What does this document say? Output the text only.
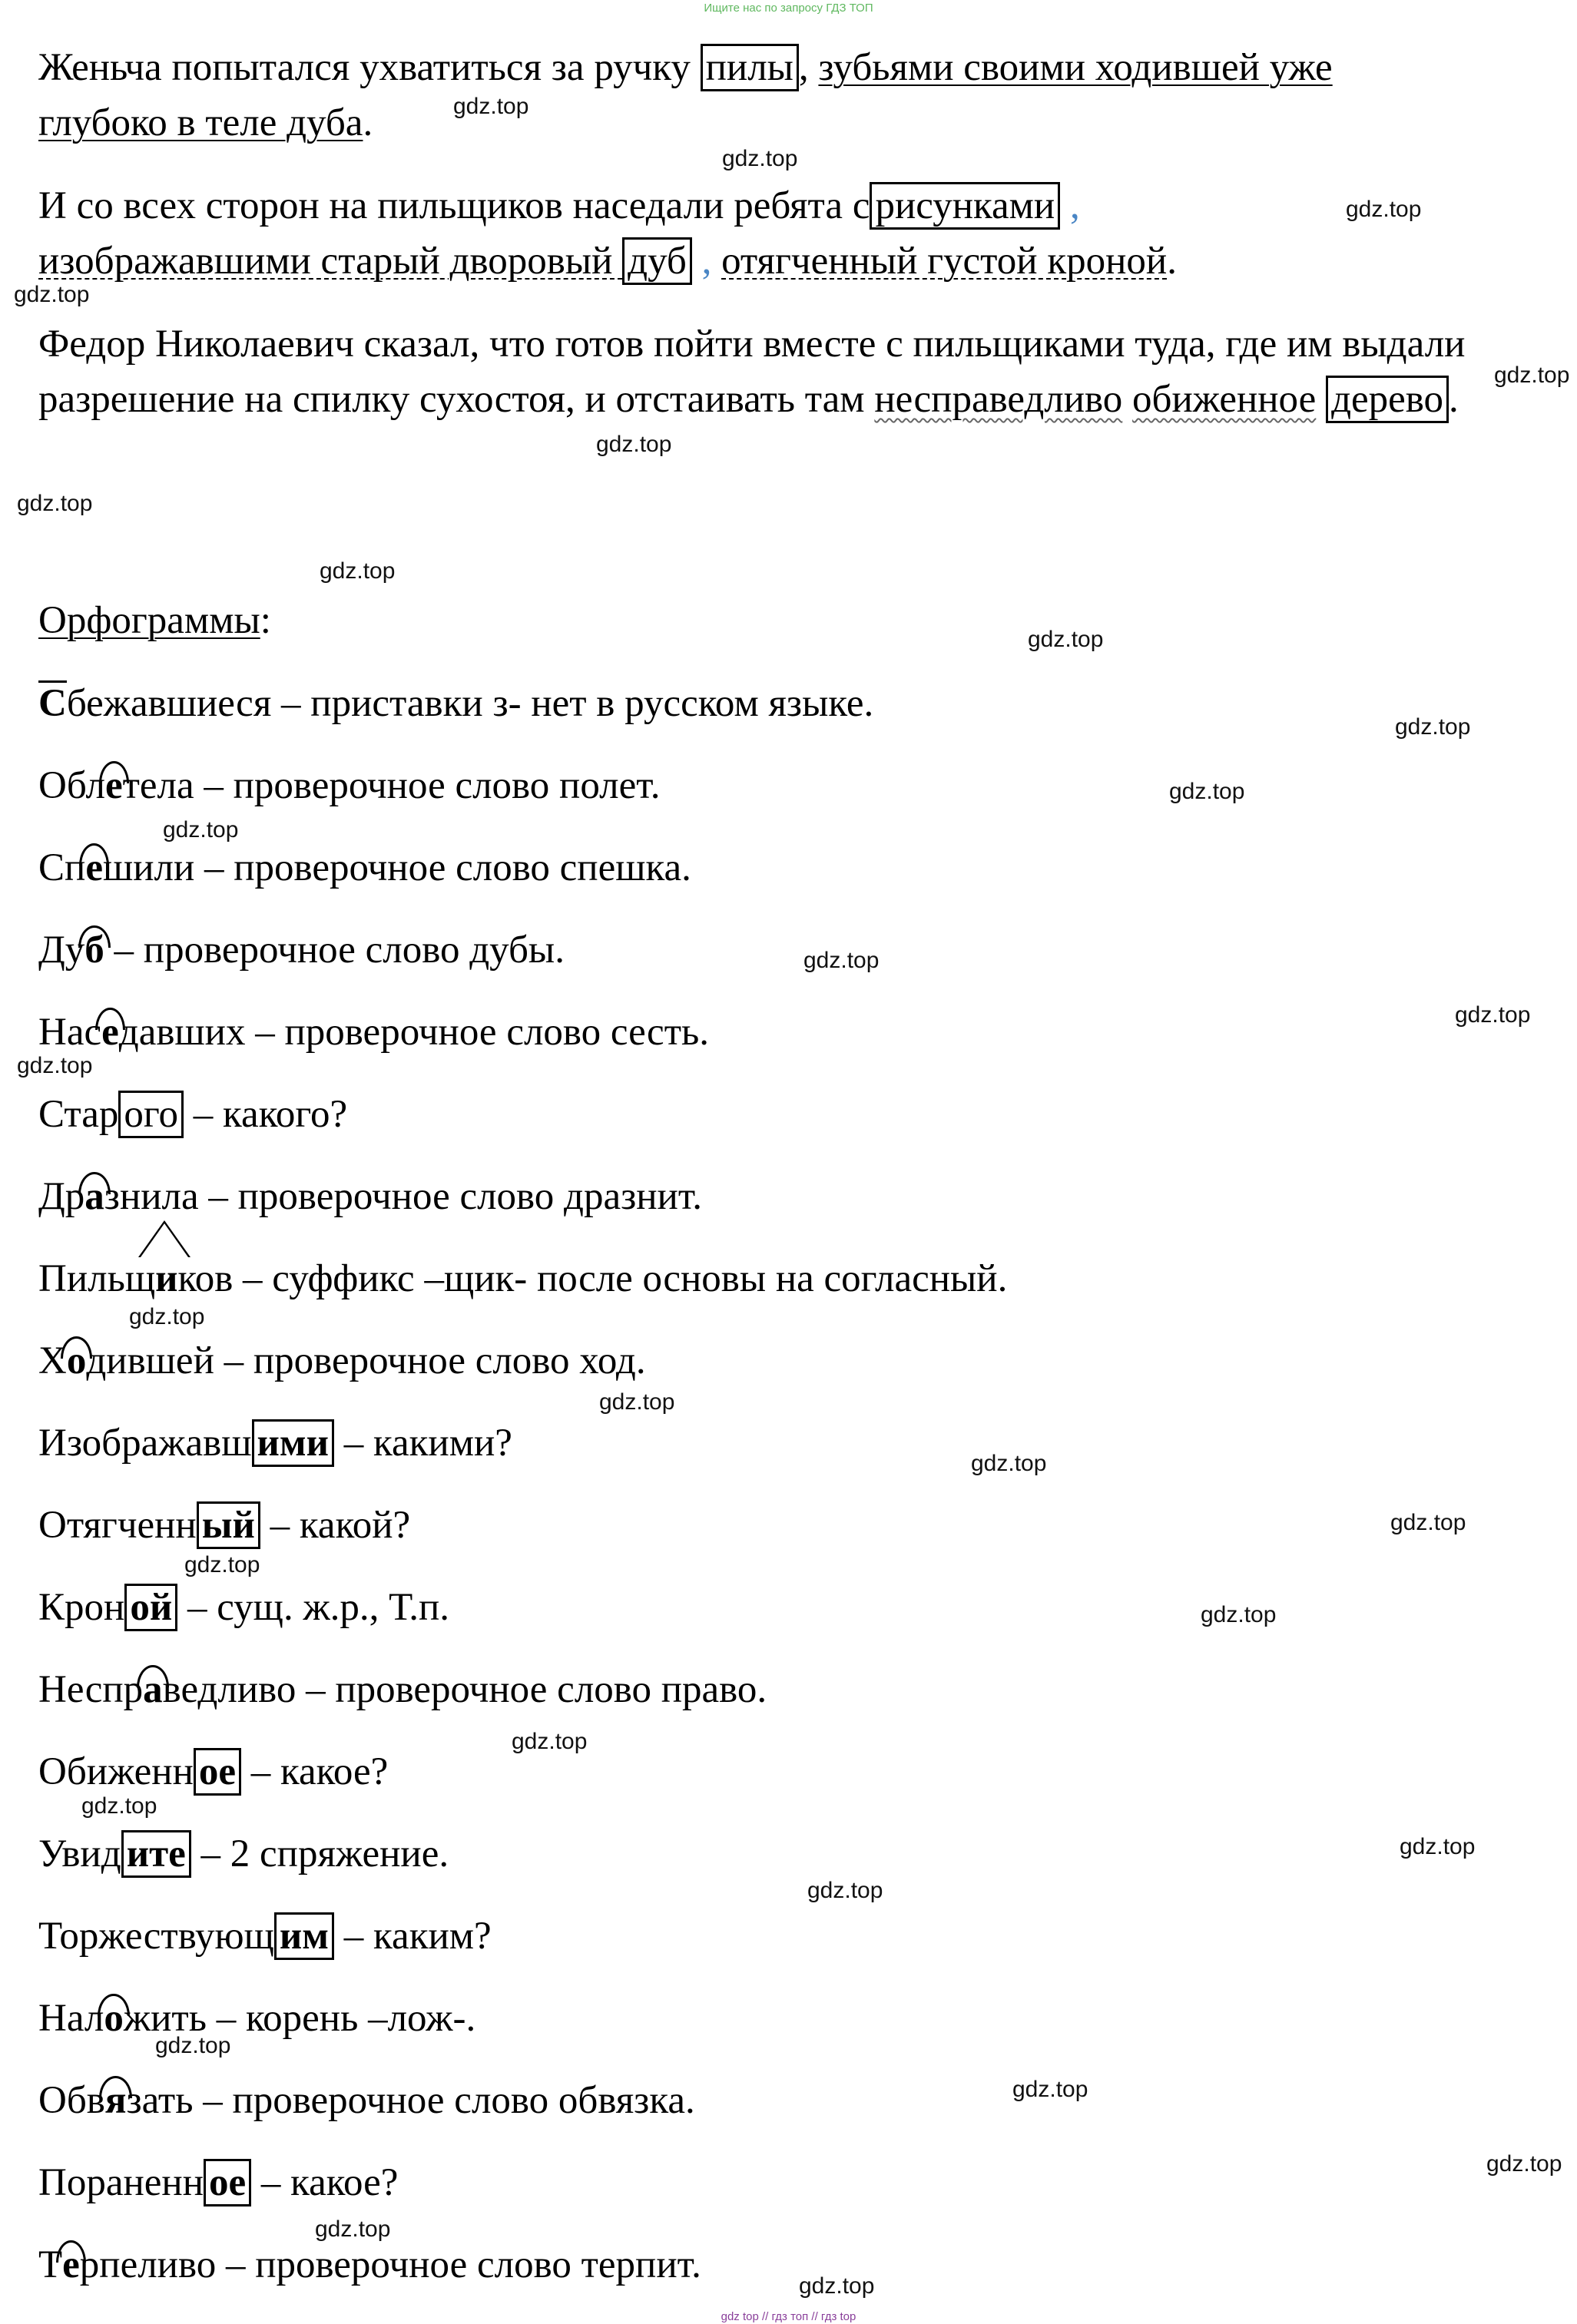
Ищите нас по запросу ГДЗ ТОП

Женьча попытался ухватиться за ручку пилы , зубьями своими ходившей уже
глубоко в теле дуба.

И со всех сторон на пильщиков наседали ребята с рисунками ,
изображавшими старый дворовый дуб , отягченный густой кроной.

Федор Николаевич сказал, что готов пойти вместе с пильщиками туда, где им выдали разрешение на спилку сухостоя, и отстаивать там несправедливо обиженное дерево .

Орфограммы:

Сбежавшиеся – приставки з- нет в русском языке.

Облетела – проверочное слово полет.

Спешили – проверочное слово спешка.

Дуб – проверочное слово дубы.

Наседавших – проверочное слово сесть.

Стар ого – какого?

Дразнила – проверочное слово дразнит.

Пильщиков – суффикс –щик- после основы на согласный.

Ходившей – проверочное слово ход.

Изображавш ими – какими?

Отягченн ый – какой?

Крон ой – сущ. ж.р., Т.п.

Несправедливо – проверочное слово право.

Обиженн ое – какое?

Увид ите – 2 спряжение.

Торжествующ им – каким?

Наложить – корень –лож-.

Обвязать – проверочное слово обвязка.

Пораненн ое – какое?

Терпеливо – проверочное слово терпит.

gdz.top
gdz.top
gdz.top
gdz.top
gdz.top
gdz.top
gdz.top
gdz.top
gdz.top
gdz.top
gdz.top
gdz.top
gdz.top
gdz.top
gdz.top
gdz.top
gdz.top
gdz.top
gdz.top
gdz.top
gdz.top
gdz.top
gdz.top
gdz.top
gdz.top
gdz.top
gdz.top
gdz.top
gdz.top
gdz.top
gdz top // гдз топ // гдз top
